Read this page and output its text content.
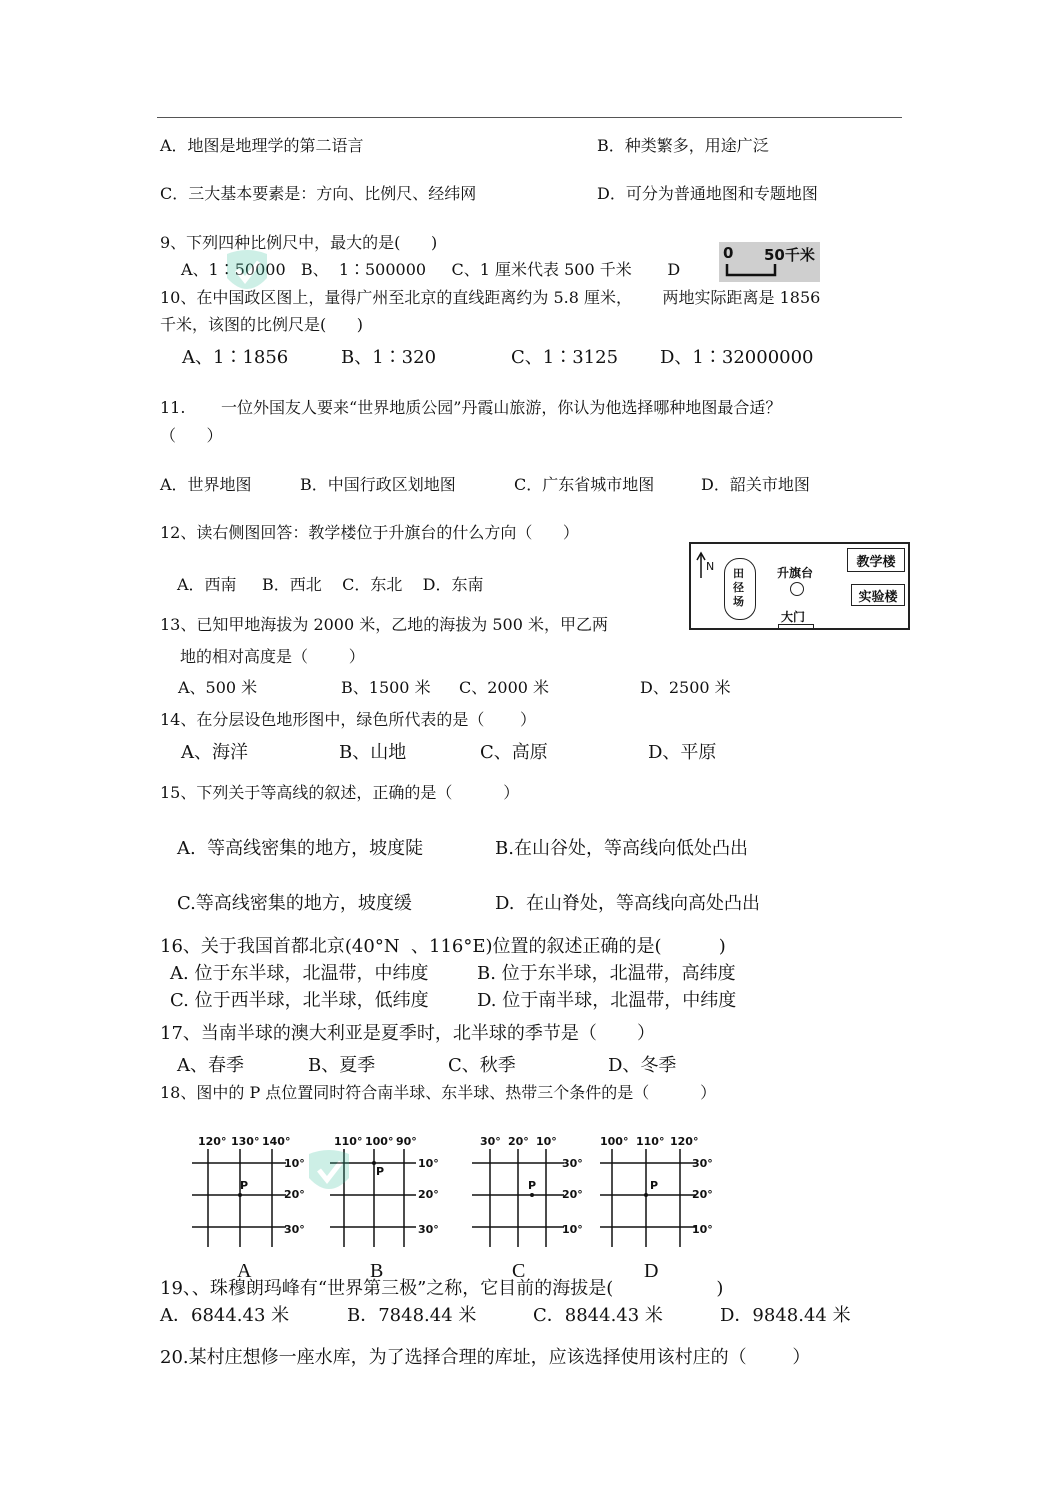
A．地图是地理学的第二语言	B．种类繁多，用途广泛
C．三大基本要素是：方向、比例尺、经纬网	D．可分为普通地图和专题地图
9、下列四种比例尺中，最大的是(      )
A、1∶50000   B、  1∶500000     C、1 厘米代表 500 千米       D
0 50千米
10、在中国政区图上，量得广州至北京的直线距离约为 5.8 厘米，      两地实际距离是 1856
千米，该图的比例尺是(      )
A、1∶1856	B、1∶320	C、1∶3125 D、1∶32000000
11.       一位外国友人要来“世界地质公园”丹霞山旅游，你认为他选择哪种地图最合适？
（      ）
A．世界地图	B．中国行政区划地图	C．广东省城市地图	D．韶关市地图
12、读右侧图回答：教学楼位于升旗台的什么方向（      ）
A．西南     B．西北    C．东北    D．东南
N
田径场
升旗台
教学楼
实验楼
大门
13、已知甲地海拔为 2000 米，乙地的海拔为 500 米，甲乙两
地的相对高度是（        ）
A、500 米	B、1500 米 C、2000 米	D、2500 米
14、在分层设色地形图中，绿色所代表的是（       ）
A、海洋	B、山地	C、高原	D、平原
15、下列关于等高线的叙述，正确的是（          ）
A.  等高线密集的地方，坡度陡	B.在山谷处，等高线向低处凸出
C.等高线密集的地方，坡度缓	D.  在山脊处，等高线向高处凸出
16、关于我国首都北京(40°N  、116°E)位置的叙述正确的是(          )
A. 位于东半球，北温带，中纬度	B. 位于东半球，北温带，高纬度
C. 位于西半球，北半球，低纬度	D. 位于南半球，北温带，中纬度
17、当南半球的澳大利亚是夏季时，北半球的季节是（       ）
A、春季	B、夏季	C、秋季	D、冬季
18、图中的 P 点位置同时符合南半球、东半球、热带三个条件的是（          ）
120° 130° 140°
10°
20°
30°
P
110° 100° 90°
10°
20°
30°
P
30° 20° 10°
30°
20°
10°
P
100° 110° 120°
30°
20°
10°
P
A	B	C	D
19、、珠穆朗玛峰有“世界第三极”之称，它目前的海拔是(                  )
A．6844.43 米	B．7848.44 米	C．8844.43 米	D．9848.44 米
20.某村庄想修一座水库，为了选择合理的库址，应该选择使用该村庄的（        ）
